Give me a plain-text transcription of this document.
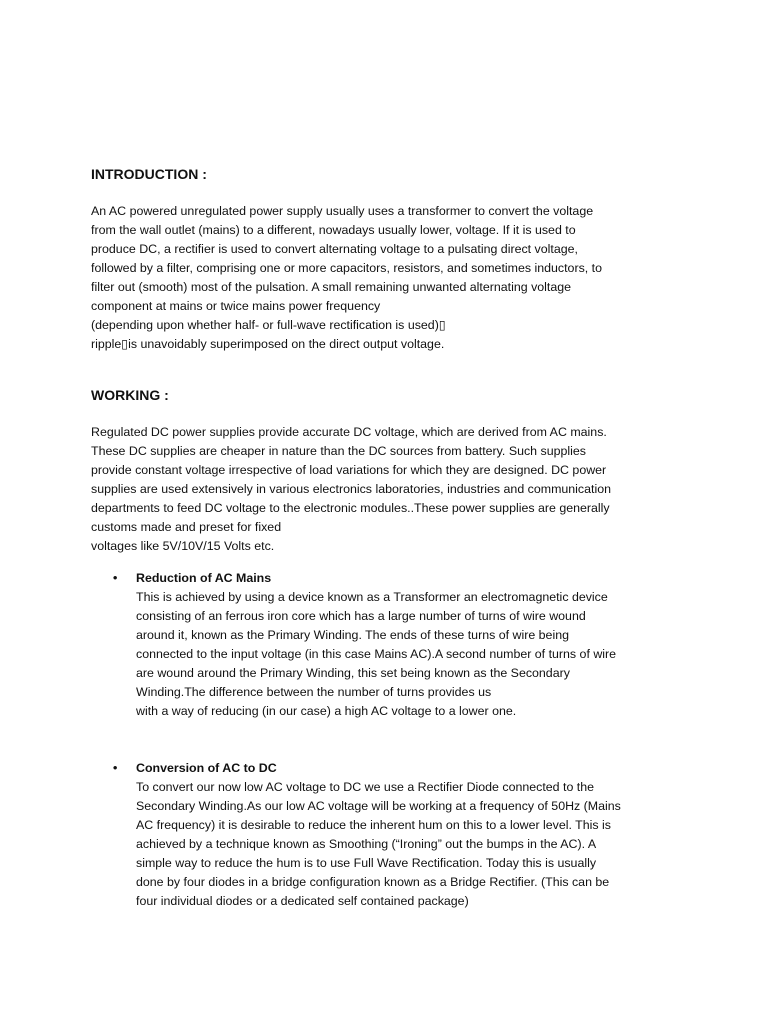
INTRODUCTION :

An AC powered unregulated power supply usually uses a transformer to convert the voltage
from the wall outlet (mains) to a different, nowadays usually lower, voltage. If it is used to
produce DC, a rectifier is used to convert alternating voltage to a pulsating direct voltage,
followed by a filter, comprising one or more capacitors, resistors, and sometimes inductors, to
filter out (smooth) most of the pulsation. A small remaining unwanted alternating voltage
component at mains or twice mains power frequency
(depending upon whether half- or full-wave rectification is used)▯
ripple▯is unavoidably superimposed on the direct output voltage.

WORKING :

Regulated DC power supplies provide accurate DC voltage, which are derived from AC mains.
These DC supplies are cheaper in nature than the DC sources from battery. Such supplies
provide constant voltage irrespective of load variations for which they are designed. DC power
supplies are used extensively in various electronics laboratories, industries and communication
departments to feed DC voltage to the electronic modules..These power supplies are generally
customs made and preset for fixed
voltages like 5V/10V/15 Volts etc.

• Reduction of AC Mains
This is achieved by using a device known as a Transformer an electromagnetic device
consisting of an ferrous iron core which has a large number of turns of wire wound
around it, known as the Primary Winding. The ends of these turns of wire being
connected to the input voltage (in this case Mains AC).A second number of turns of wire
are wound around the Primary Winding, this set being known as the Secondary
Winding.The difference between the number of turns provides us
with a way of reducing (in our case) a high AC voltage to a lower one.
• Conversion of AC to DC
To convert our now low AC voltage to DC we use a Rectifier Diode connected to the
Secondary Winding.As our low AC voltage will be working at a frequency of 50Hz (Mains
AC frequency) it is desirable to reduce the inherent hum on this to a lower level. This is
achieved by a technique known as Smoothing (“Ironing” out the bumps in the AC). A
simple way to reduce the hum is to use Full Wave Rectification. Today this is usually
done by four diodes in a bridge configuration known as a Bridge Rectifier. (This can be
four individual diodes or a dedicated self contained package)
